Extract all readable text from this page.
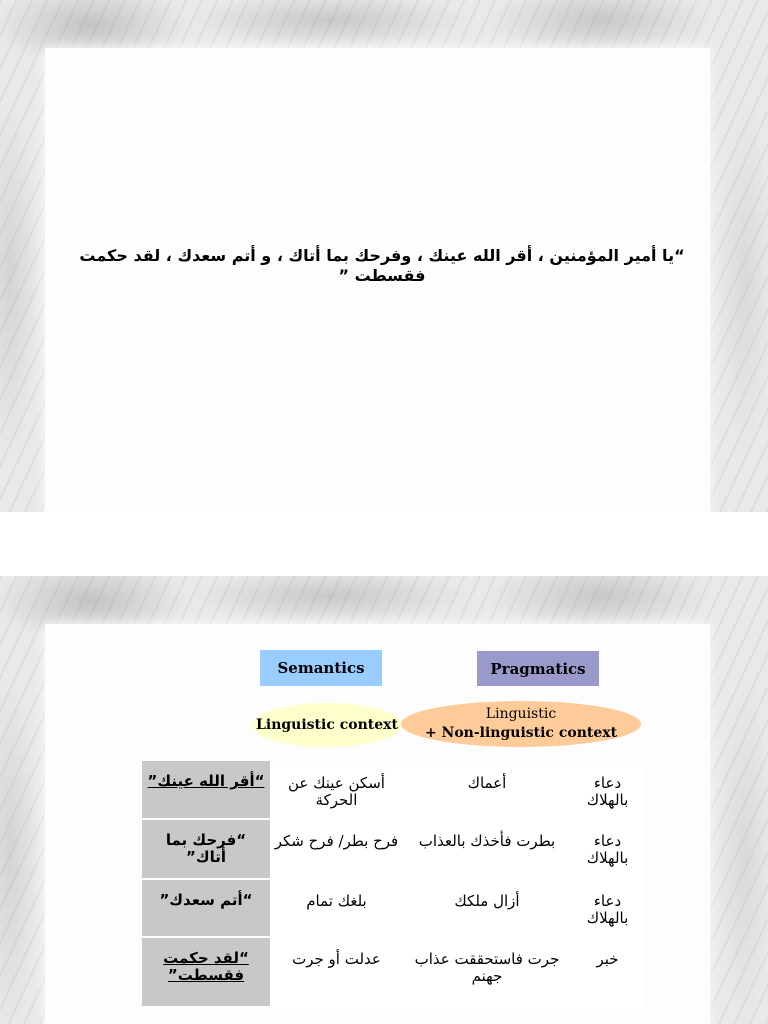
“يا أمير المؤمنين ، أقر الله عينك ، وفرحك بما أتاك ، و أتم سعدك ، لقد حكمت فقسطت ”
Semantics	Pragmatics
Linguistic context
Linguistic
+ Non-linguistic context
“أقر الله عينك”	أسكن عينك عن الحركة	أعماك	دعاء بالهلاك
“فرحك بما أتاك”	فرح بطر/ فرح شكر	بطرت فأخذك بالعذاب	دعاء بالهلاك
“أتم سعدك”	بلغك تمام	أزال ملكك	دعاء بالهلاك
“لقد حكمت فقسطت”	عدلت أو جرت	جرت فاستحققت عذاب جهنم	خبر
